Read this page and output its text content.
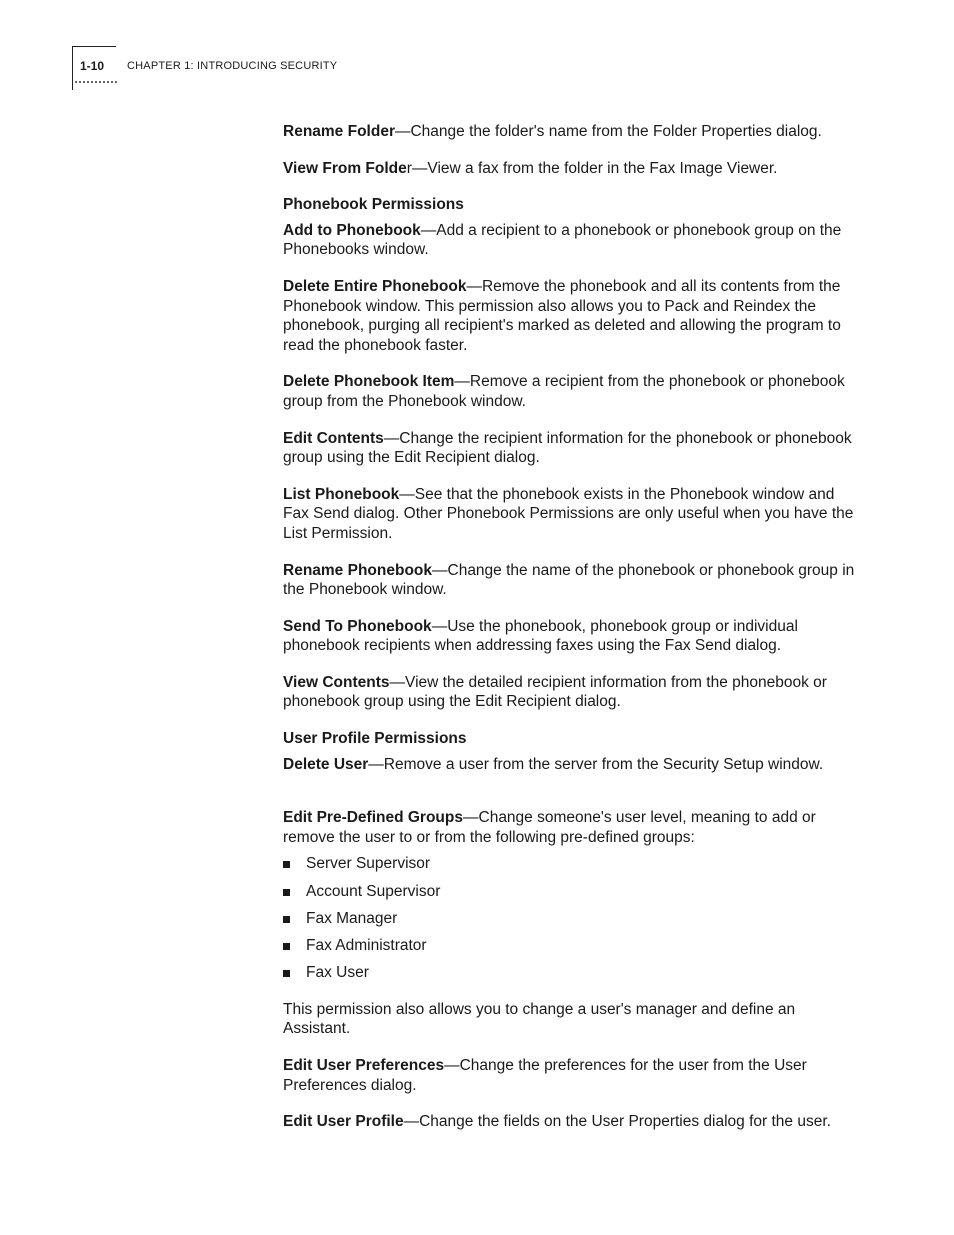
1-10 CHAPTER 1: INTRODUCING SECURITY

Rename Folder—Change the folder's name from the Folder Properties dialog.

View From Folder—View a fax from the folder in the Fax Image Viewer.

Phonebook Permissions

Add to Phonebook—Add a recipient to a phonebook or phonebook group on the Phonebooks window.

Delete Entire Phonebook—Remove the phonebook and all its contents from the Phonebook window. This permission also allows you to Pack and Reindex the phonebook, purging all recipient's marked as deleted and allowing the program to read the phonebook faster.

Delete Phonebook Item—Remove a recipient from the phonebook or phonebook group from the Phonebook window.

Edit Contents—Change the recipient information for the phonebook or phonebook group using the Edit Recipient dialog.

List Phonebook—See that the phonebook exists in the Phonebook window and Fax Send dialog. Other Phonebook Permissions are only useful when you have the List Permission.

Rename Phonebook—Change the name of the phonebook or phonebook group in the Phonebook window.

Send To Phonebook—Use the phonebook, phonebook group or individual phonebook recipients when addressing faxes using the Fax Send dialog.

View Contents—View the detailed recipient information from the phonebook or phonebook group using the Edit Recipient dialog.

User Profile Permissions

Delete User—Remove a user from the server from the Security Setup window.

Edit Pre-Defined Groups—Change someone's user level, meaning to add or remove the user to or from the following pre-defined groups:

Server Supervisor
Account Supervisor
Fax Manager
Fax Administrator
Fax User

This permission also allows you to change a user's manager and define an Assistant.

Edit User Preferences—Change the preferences for the user from the User Preferences dialog.

Edit User Profile—Change the fields on the User Properties dialog for the user.
